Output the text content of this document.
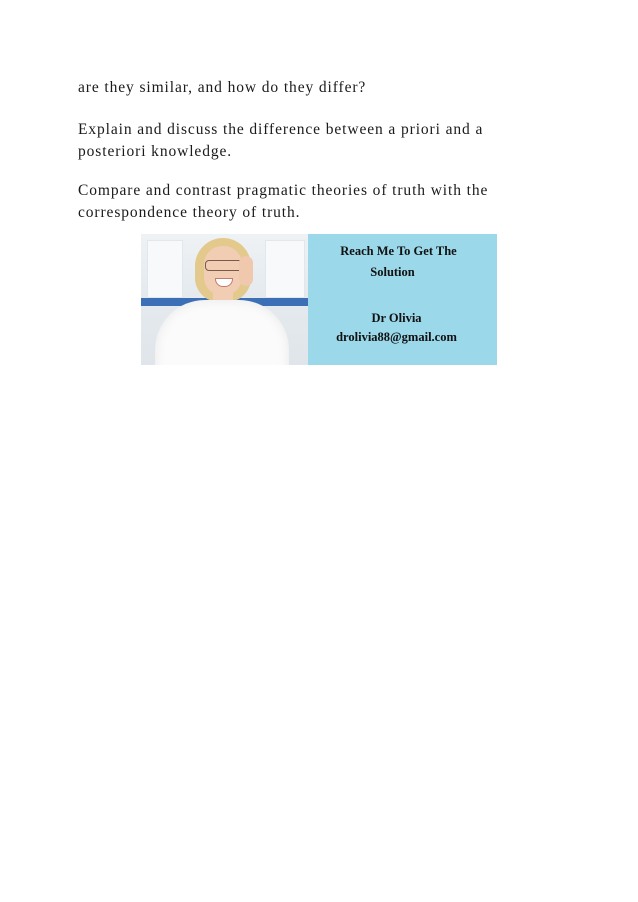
are they similar, and how do they differ?

Explain and discuss the difference between a priori and a posteriori knowledge.

Compare and contrast pragmatic theories of truth with the correspondence theory of truth.

Reach Me To Get The
Solution
Dr Olivia
drolivia88@gmail.com
